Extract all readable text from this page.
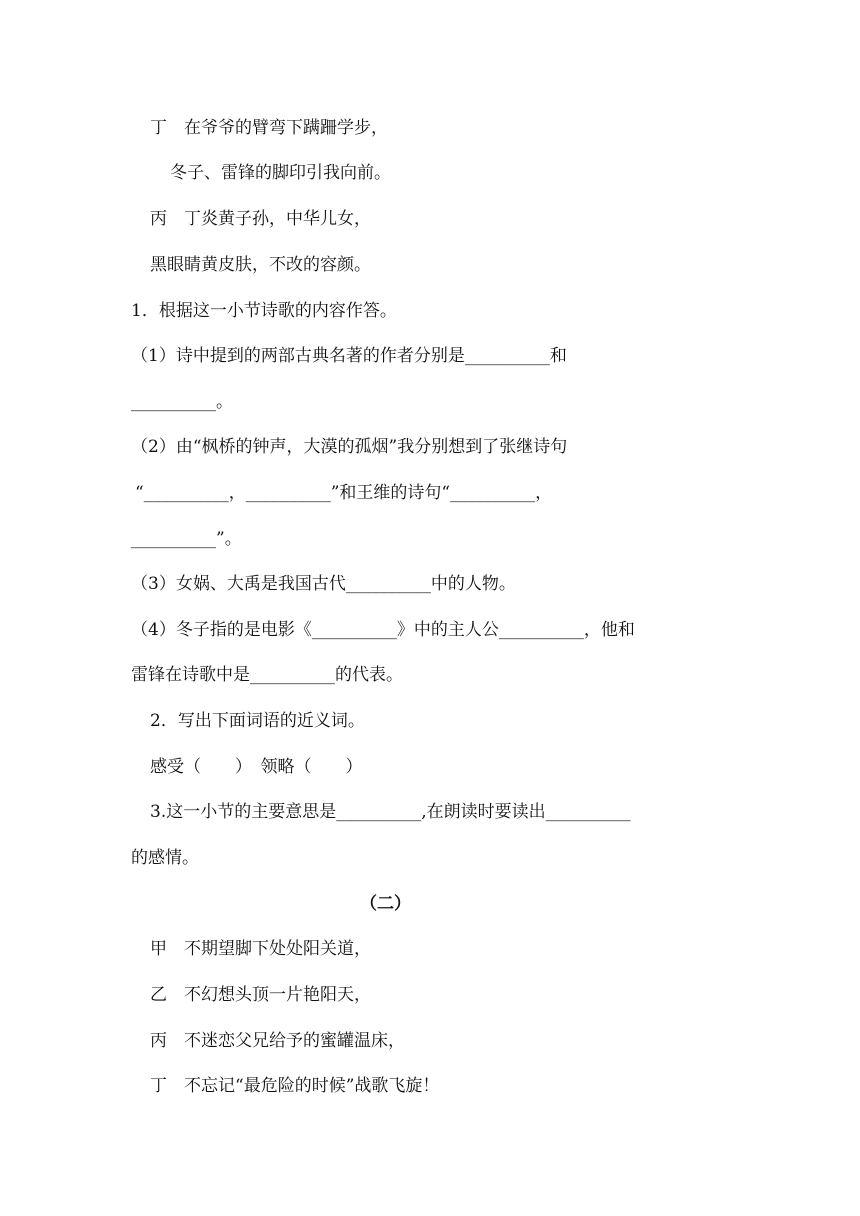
丁　在爷爷的臂弯下蹒跚学步，
冬子、雷锋的脚印引我向前。
丙　丁炎黄子孙，中华儿女，
黑眼睛黄皮肤，不改的容颜。
1．根据这一小节诗歌的内容作答。
（1）诗中提到的两部古典名著的作者分别是__________和
__________。
（2）由“枫桥的钟声，大漠的孤烟”我分别想到了张继诗句
“__________，__________”和王维的诗句“__________，
__________”。
（3）女娲、大禹是我国古代__________中的人物。
（4）冬子指的是电影《__________》中的主人公__________，他和
雷锋在诗歌中是__________的代表。
2．写出下面词语的近义词。
感受（　　）　领略（　　）
3.这一小节的主要意思是__________,在朗读时要读出__________
的感情。
（二）
甲　不期望脚下处处阳关道，
乙　不幻想头顶一片艳阳天，
丙　不迷恋父兄给予的蜜罐温床，
丁　不忘记“最危险的时候”战歌飞旋！
